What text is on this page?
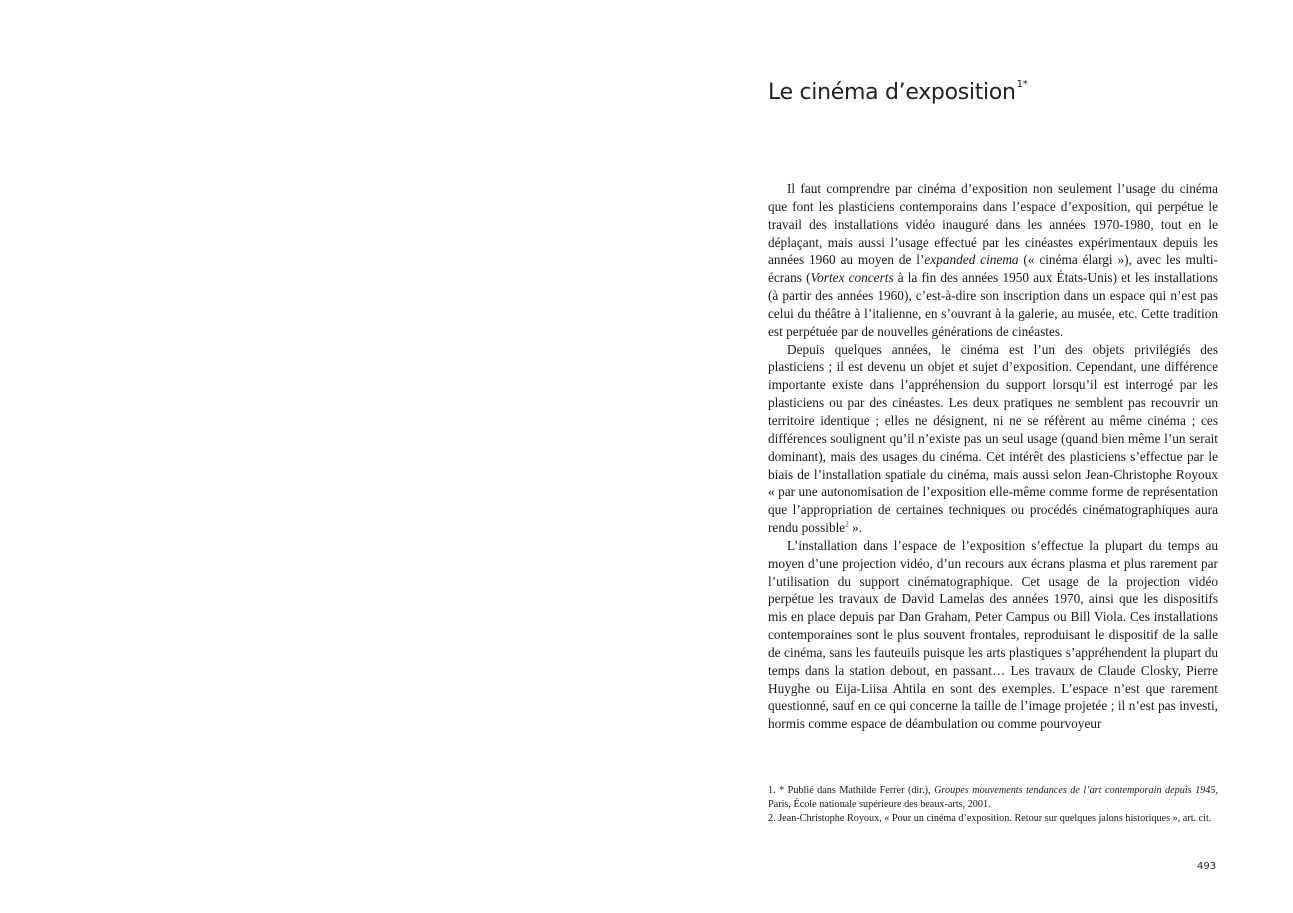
Le cinéma d’exposition$^{1*}$

Il faut comprendre par cinéma d’exposition non seulement l’usage du cinéma que font les plasticiens contemporains dans l’espace d’exposition, qui perpétue le travail des installations vidéo inauguré dans les années 1970-1980, tout en le déplaçant, mais aussi l’usage effectué par les cinéastes expérimentaux depuis les années 1960 au moyen de l’expanded cinema (« cinéma élargi »), avec les multi-écrans (Vortex concerts à la fin des années 1950 aux États-Unis) et les installations (à partir des années 1960), c’est-à-dire son inscription dans un espace qui n’est pas celui du théâtre à l’italienne, en s’ouvrant à la galerie, au musée, etc. Cette tradition est perpétuée par de nouvelles générations de cinéastes.

Depuis quelques années, le cinéma est l’un des objets privilégiés des plasticiens ; il est devenu un objet et sujet d’exposition. Cependant, une différence importante existe dans l’appréhension du support lorsqu’il est interrogé par les plasticiens ou par des cinéastes. Les deux pratiques ne semblent pas recouvrir un territoire identique ; elles ne désignent, ni ne se réfèrent au même cinéma ; ces différences soulignent qu’il n’existe pas un seul usage (quand bien même l’un serait dominant), mais des usages du cinéma. Cet intérêt des plasticiens s’effectue par le biais de l’installation spatiale du cinéma, mais aussi selon Jean-Christophe Royoux « par une autonomisation de l’exposition elle-même comme forme de représentation que l’appropriation de certaines techniques ou procédés cinématographiques aura rendu possible$^2$ ».

L’installation dans l’espace de l’exposition s’effectue la plupart du temps au moyen d’une projection vidéo, d’un recours aux écrans plasma et plus rarement par l’utilisation du support cinématographique. Cet usage de la projection vidéo perpétue les travaux de David Lamelas des années 1970, ainsi que les dispositifs mis en place depuis par Dan Graham, Peter Campus ou Bill Viola. Ces installations contemporaines sont le plus souvent frontales, reproduisant le dispositif de la salle de cinéma, sans les fauteuils puisque les arts plastiques s’appréhendent la plupart du temps dans la station debout, en passant… Les travaux de Claude Closky, Pierre Huyghe ou Eija-Liisa Ahtila en sont des exemples. L’espace n’est que rarement questionné, sauf en ce qui concerne la taille de l’image projetée ; il n’est pas investi, hormis comme espace de déambulation ou comme pourvoyeur

1. * Publié dans Mathilde Ferrer (dir.), Groupes mouvements tendances de l’art contemporain depuis 1945, Paris, École nationale supérieure des beaux-arts, 2001.

2. Jean-Christophe Royoux, « Pour un cinéma d’exposition. Retour sur quelques jalons historiques », art. cit.

493
